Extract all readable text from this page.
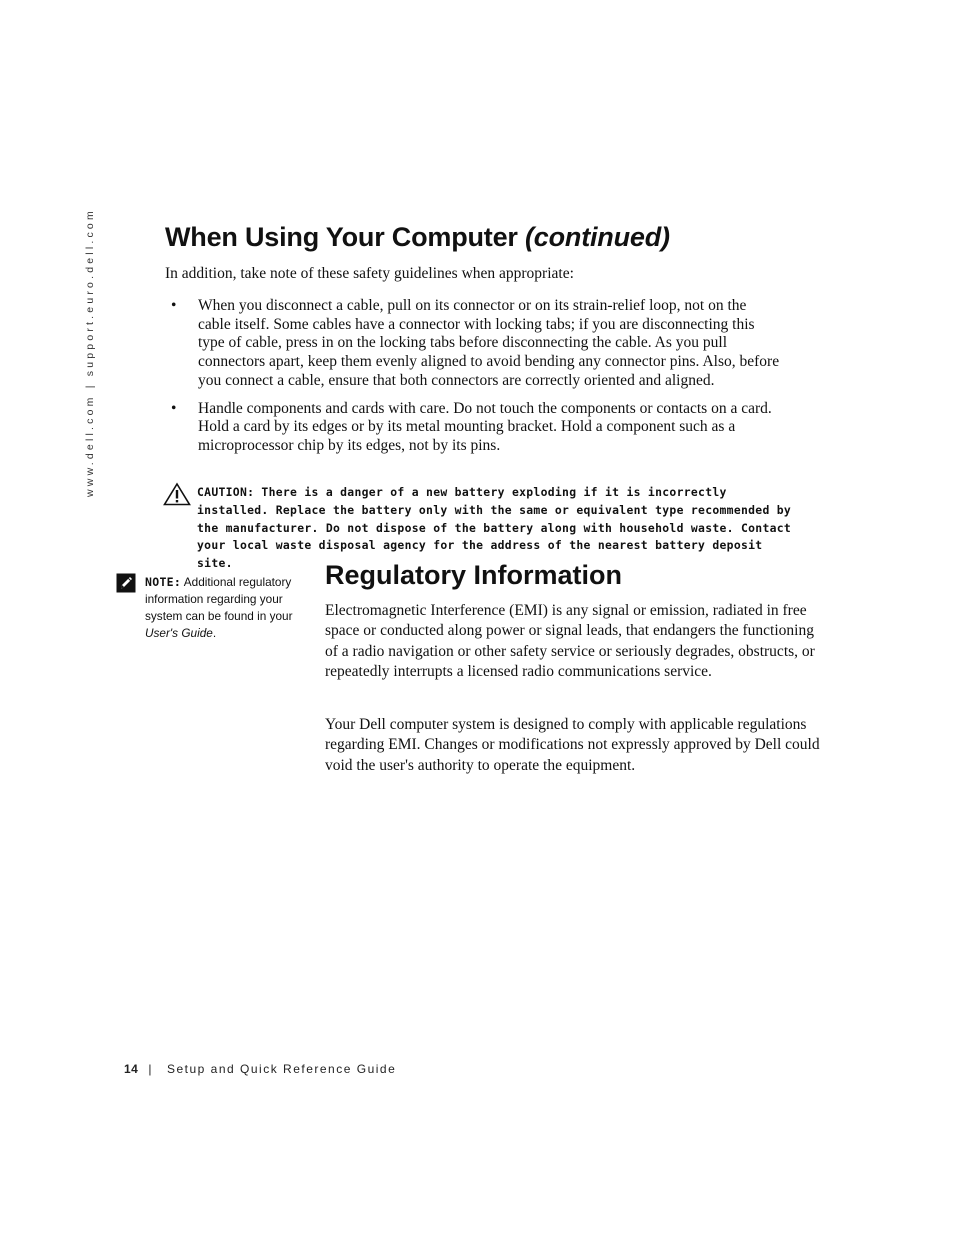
www.dell.com | support.euro.dell.com	When Using Your Computer (continued)

In addition, take note of these safety guidelines when appropriate:

• When you disconnect a cable, pull on its connector or on its strain-relief loop, not on the cable itself. Some cables have a connector with locking tabs; if you are disconnecting this type of cable, press in on the locking tabs before disconnecting the cable. As you pull connectors apart, keep them evenly aligned to avoid bending any connector pins. Also, before you connect a cable, ensure that both connectors are correctly oriented and aligned.
• Handle components and cards with care. Do not touch the components or contacts on a card. Hold a card by its edges or by its metal mounting bracket. Hold a component such as a microprocessor chip by its edges, not by its pins.
CAUTION: There is a danger of a new battery exploding if it is incorrectly installed. Replace the battery only with the same or equivalent type recommended by the manufacturer. Do not dispose of the battery along with household waste. Contact your local waste disposal agency for the address of the nearest battery deposit site.
NOTE: Additional regulatory information regarding your system can be found in your
User's Guide.
Regulatory Information

Electromagnetic Interference (EMI) is any signal or emission, radiated in free space or conducted along power or signal leads, that endangers the functioning of a radio navigation or other safety service or seriously degrades, obstructs, or repeatedly interrupts a licensed radio communications service.

Your Dell computer system is designed to comply with applicable regulations regarding EMI. Changes or modifications not expressly approved by Dell could void the user's authority to operate the equipment.

14 | Setup and Quick Reference Guide
